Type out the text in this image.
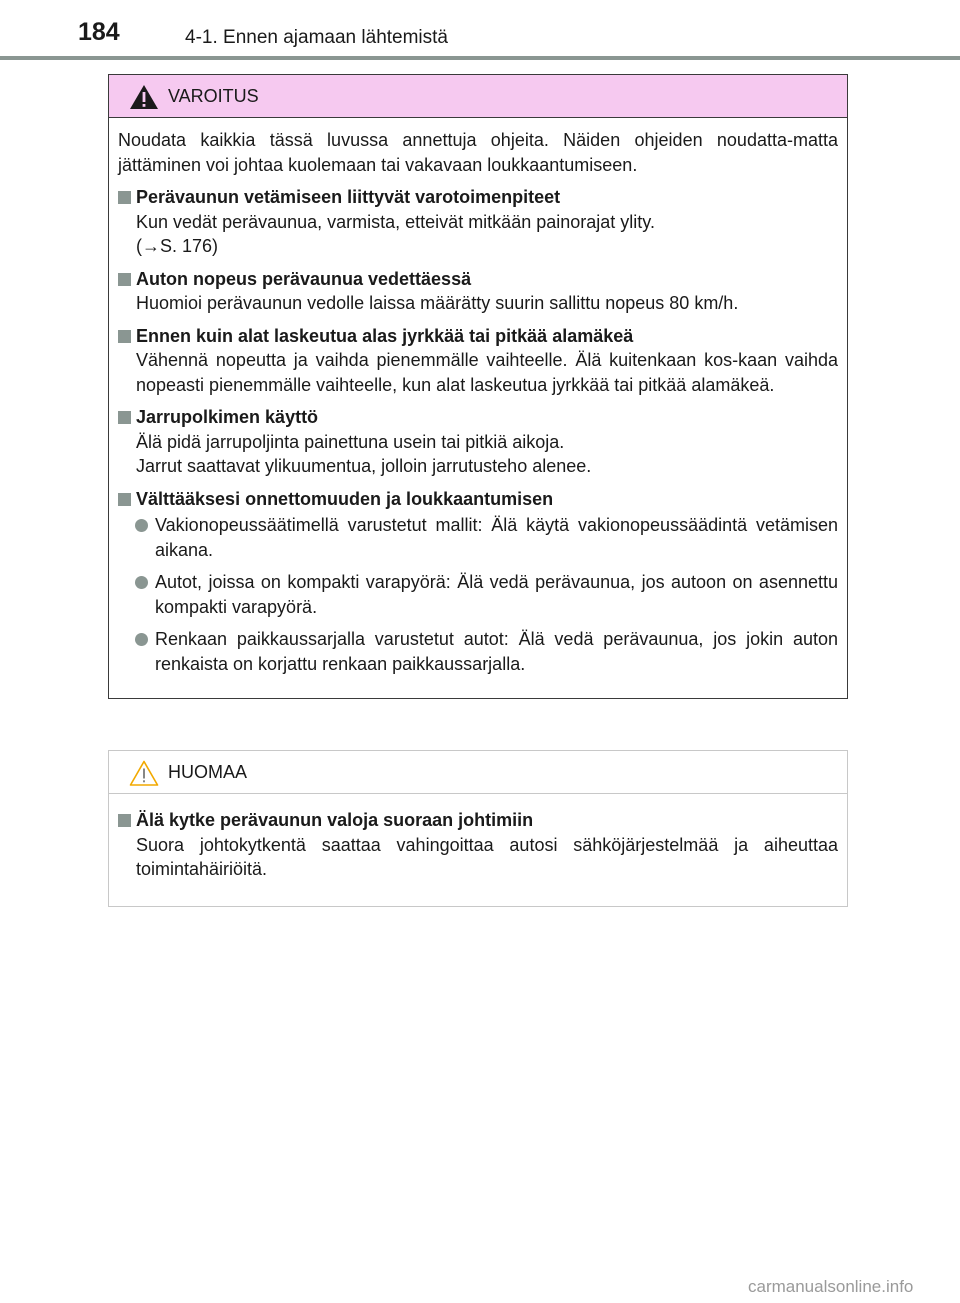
184	4-1. Ennen ajamaan lähtemistä
VAROITUS

Noudata kaikkia tässä luvussa annettuja ohjeita. Näiden ohjeiden noudatta-matta jättäminen voi johtaa kuolemaan tai vakavaan loukkaantumiseen.

Perävaunun vetämiseen liittyvät varotoimenpiteet

Kun vedät perävaunua, varmista, etteivät mitkään painorajat ylity.
(→S. 176)

Auton nopeus perävaunua vedettäessä

Huomioi perävaunun vedolle laissa määrätty suurin sallittu nopeus 80 km/h.

Ennen kuin alat laskeutua alas jyrkkää tai pitkää alamäkeä

Vähennä nopeutta ja vaihda pienemmälle vaihteelle. Älä kuitenkaan kos-kaan vaihda nopeasti pienemmälle vaihteelle, kun alat laskeutua jyrkkää tai pitkää alamäkeä.

Jarrupolkimen käyttö

Älä pidä jarrupoljinta painettuna usein tai pitkiä aikoja.
Jarrut saattavat ylikuumentua, jolloin jarrutusteho alenee.

Välttääksesi onnettomuuden ja loukkaantumisen

Vakionopeussäätimellä varustetut mallit: Älä käytä vakionopeussäädintä vetämisen aikana.

Autot, joissa on kompakti varapyörä: Älä vedä perävaunua, jos autoon on asennettu kompakti varapyörä.

Renkaan paikkaussarjalla varustetut autot: Älä vedä perävaunua, jos jokin auton renkaista on korjattu renkaan paikkaussarjalla.

HUOMAA

Älä kytke perävaunun valoja suoraan johtimiin

Suora johtokytkentä saattaa vahingoittaa autosi sähköjärjestelmää ja aiheuttaa toimintahäiriöitä.

carmanualsonline.info
